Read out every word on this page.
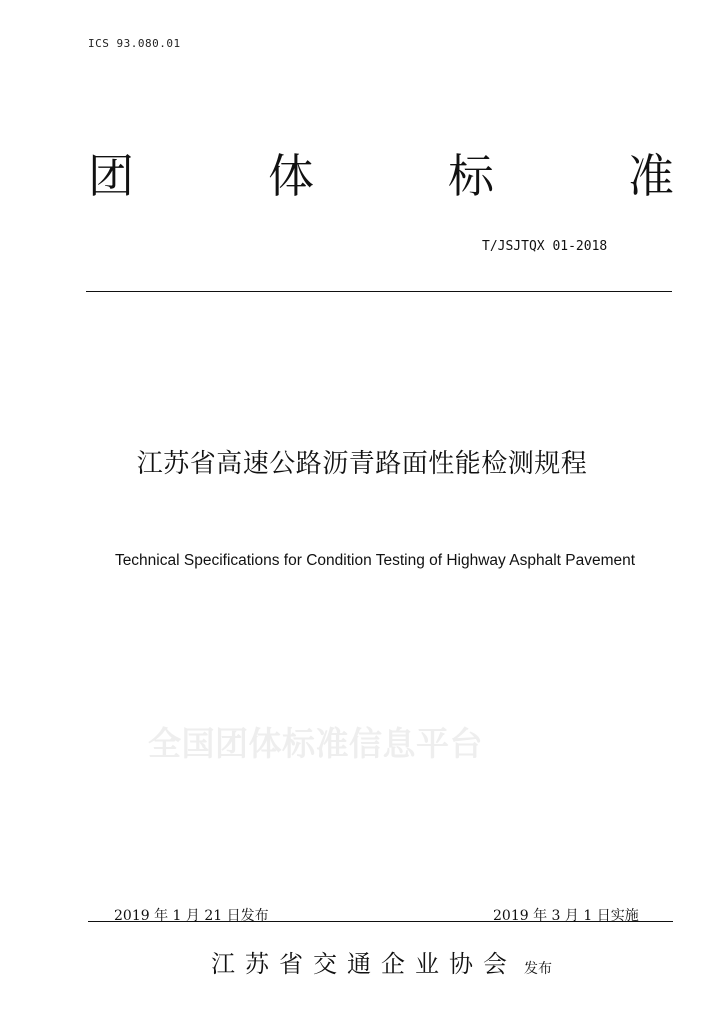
ICS 93.080.01
团	体	标	准
T/JSJTQX 01-2018
江苏省高速公路沥青路面性能检测规程
Technical Specifications for Condition Testing of Highway Asphalt Pavement
全国团体标准信息平台
2019 年 1 月 21 日发布	2019 年 3 月 1 日实施
江苏省交通企业协会 发布
